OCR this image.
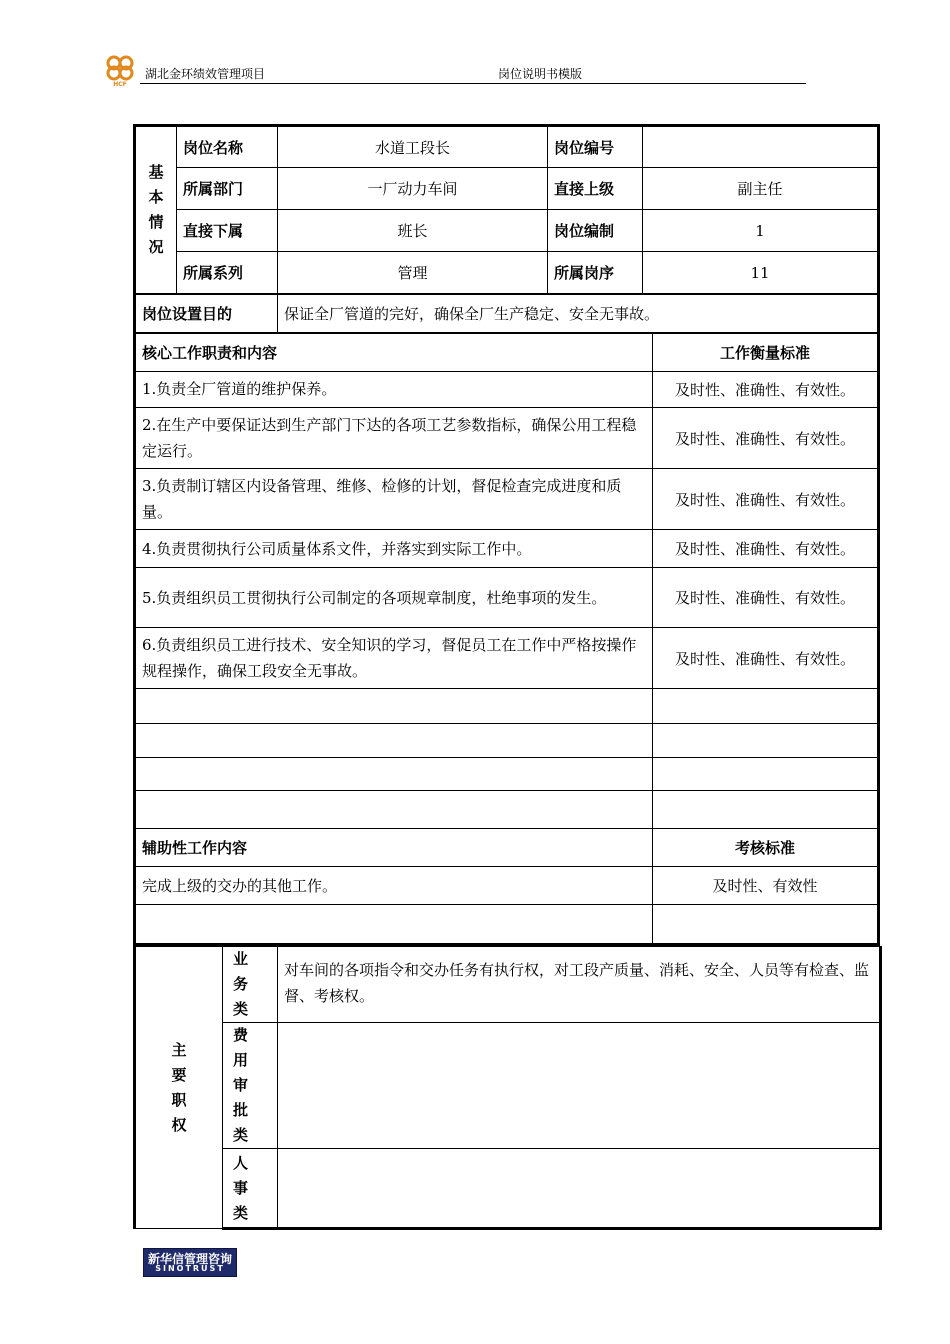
HCF
湖北金环绩效管理项目	岗位说明书模版
基
本
情
况	岗位名称	水道工段长	岗位编号	
	所属部门	一厂动力车间	直接上级	副主任
	直接下属	班长	岗位编制	1
	所属系列	管理	所属岗序	11
岗位设置目的	保证全厂管道的完好，确保全厂生产稳定、安全无事故。
核心工作职责和内容	工作衡量标准
1.负责全厂管道的维护保养。	及时性、准确性、有效性。
2.在生产中要保证达到生产部门下达的各项工艺参数指标，确保公用工程稳定运行。	及时性、准确性、有效性。
3.负责制订辖区内设备管理、维修、检修的计划，督促检查完成进度和质量。	及时性、准确性、有效性。
4.负责贯彻执行公司质量体系文件，并落实到实际工作中。	及时性、准确性、有效性。
5.负责组织员工贯彻执行公司制定的各项规章制度，杜绝事项的发生。	及时性、准确性、有效性。
6.负责组织员工进行技术、安全知识的学习，督促员工在工作中严格按操作规程操作，确保工段安全无事故。	及时性、准确性、有效性。

辅助性工作内容	考核标准
完成上级的交办的其他工作。	及时性、有效性

主
要
职
权	业务类	对车间的各项指令和交办任务有执行权，对工段产质量、消耗、安全、人员等有检查、监督、考核权。
	费用审批类	
	人事类	
新华信管理咨询
SINOTRUST
